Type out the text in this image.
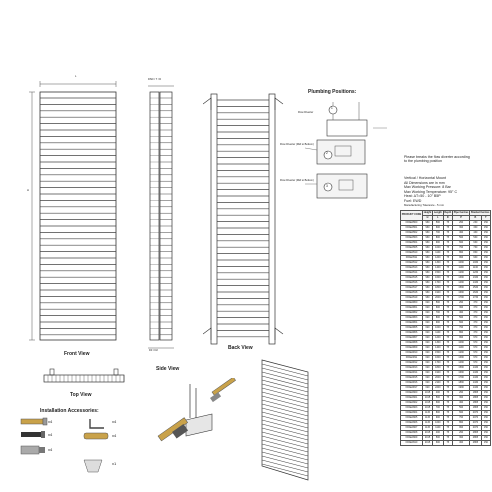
L
H
Front View
DSD / T / D
D3 / D2
Side View
Back View
Top View
Installation Accessories:
x4
x4
x4
x4
x4
x1
Plumbing Positions:
1
2
3
Flow Diverter
Flow Diverter (Mid to Bottom)
Flow Diverter (Mid to Bottom)
Please breaks the flow diverter according to the plumbing position
Vertical / Horizontal Mount
All Dimensions are in mm
Max Working Pressure: 8 Bar
Max Working Temperature: 95° C
Heat: ΔT=50 - 10° B5P
Fuel: EWD
Manufacturing Tolerance - 5 mm
PRODUCT CODE	Height	Length	Depth	Pipe Centres	Bracket Centres	
	H	L	D	P	B	T
FRAE0500	960	500	75	290	230	150
FRAE0501	960	600	75	390	330	150
FRAE0502	960	700	75	490	430	150
FRAE0503	960	800	75	590	530	150
FRAE0504	960	900	75	690	630	150
FRAE0505	960	1000	75	790	730	150
FRAE0510	960	1100	75	890	830	150
FRAE0511	960	1200	75	990	930	150
FRAE0512	960	1300	75	1090	1030	150
FRAE0513	960	1400	75	1190	1130	150
FRAE0514	960	1500	75	1290	1230	150
FRAE0515	960	1600	75	1390	1330	150
FRAE0516	960	1700	75	1490	1430	150
FRAE0517	960	1800	75	1590	1530	150
FRAE0518	960	1900	75	1690	1630	150
FRAE0519	960	2000	75	1790	1730	150
FRAE0800	620	500	75	290	370	150
FRAE0801	620	600	75	390	370	150
FRAE0802	620	700	75	490	370	150
FRAE0803	620	800	75	590	370	150
FRAE0804	620	900	75	690	370	150
FRAE0805	620	1000	75	790	370	150
FRAE0806	620	1100	75	890	370	150
FRAE0807	620	1200	75	990	970	150
FRAE0808	620	1300	75	1090	970	150
FRAE0809	620	1400	75	1190	970	150
FRAE0810	620	1500	75	1290	970	150
FRAE0811	620	1600	75	1390	970	150
FRAE0812	620	1700	75	1490	970	150
FRAE0813	620	1800	75	1590	1430	150
FRAE0814	620	1900	75	1690	1430	150
FRAE0815	620	2000	75	1790	1430	150
FRAE0816	620	2100	75	1890	1430	150
FRAE0817	620	2200	75	1990	1430	150
FRAE0900	1015	400	75	290	1865	150
FRAE0901	1015	500	75	390	1865	150
FRAE0902	1015	600	75	490	1865	150
FRAE0903	1015	700	75	590	1865	150
FRAE0904	1115	800	75	690	2070	150
FRAE0905	1115	900	75	790	2070	150
FRAE0906	1115	1000	75	890	2070	150
FRAE0907	1115	1100	75	990	2070	150
FRAE0908	2015	400	75	290	2865	150
FRAE0909	2015	500	75	390	2865	150
FRAE0910	2015	600	75	490	2865	150
